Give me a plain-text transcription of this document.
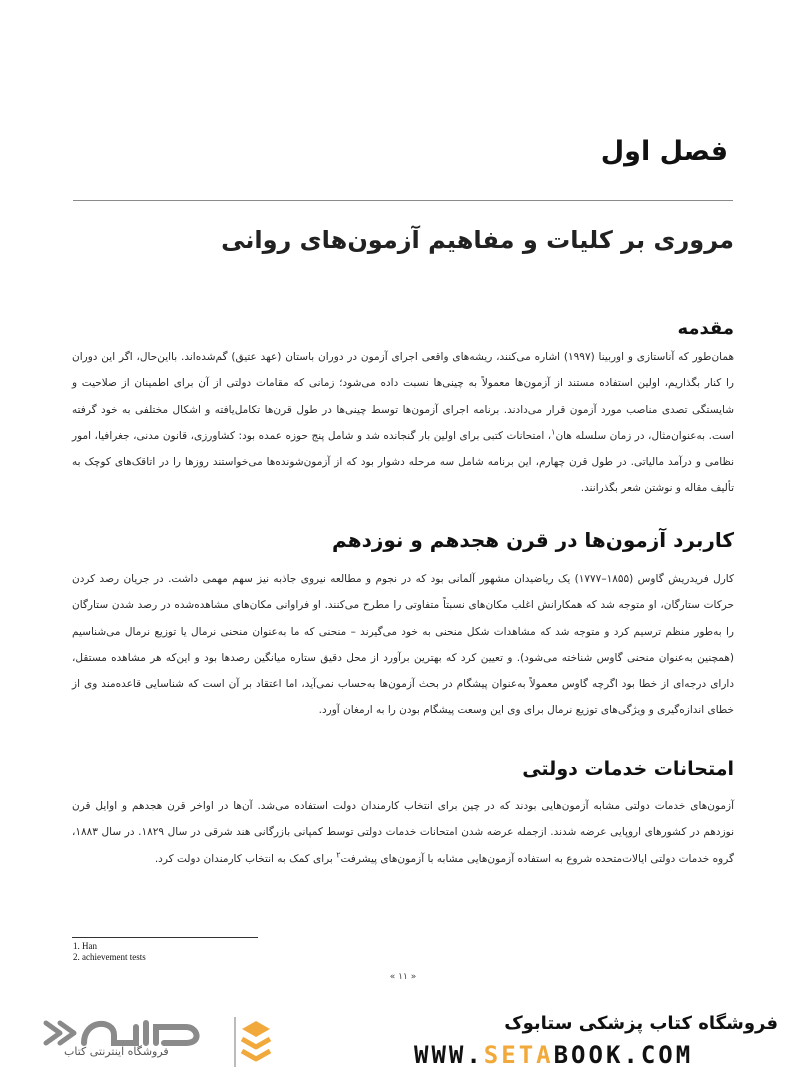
فصل اول
مروری بر کلیات و مفاهیم آزمون‌های روانی
مقدمه
همان‌طور که آناستازی و اوربینا (۱۹۹۷) اشاره می‌کنند، ریشه‌های واقعی اجرای آزمون در دوران باستان (عهد عتیق) گم‌شده‌اند. بااین‌حال، اگر این دوران را کنار بگذاریم، اولین استفاده مستند از آزمون‌ها معمولاً به چینی‌ها نسبت داده می‌شود؛ زمانی که مقامات دولتی از آن برای اطمینان از صلاحیت و شایستگی تصدی مناصب مورد آزمون قرار می‌دادند. برنامه اجرای آزمون‌ها توسط چینی‌ها در طول قرن‌ها تکامل‌یافته و اشکال مختلفی به خود گرفته است. به‌عنوان‌مثال، در زمان سلسله هان$^۱$، امتحانات کتبی برای اولین بار گنجانده شد و شامل پنج حوزه عمده بود: کشاورزی، قانون مدنی، جغرافیا، امور نظامی و درآمد مالیاتی. در طول قرن چهارم، این برنامه شامل سه مرحله دشوار بود که از آزمون‌شونده‌ها می‌خواستند روزها را در اتاقک‌های کوچک به تألیف مقاله و نوشتن شعر بگذرانند.
کاربرد آزمون‌ها در قرن هجدهم و نوزدهم
کارل فریدریش گاوس (۱۸۵۵–۱۷۷۷) یک ریاضیدان مشهور آلمانی بود که در نجوم و مطالعه نیروی جاذبه نیز سهم مهمی داشت. در جریان رصد کردن حرکات ستارگان، او متوجه شد که همکارانش اغلب مکان‌های نسبتاً متفاوتی را مطرح می‌کنند. او فراوانی مکان‌های مشاهده‌شده در رصد شدن ستارگان را به‌طور منظم ترسیم کرد و متوجه شد که مشاهدات شکل منحنی به خود می‌گیرند – منحنی که ما به‌عنوان منحنی نرمال یا توزیع نرمال می‌شناسیم (همچنین به‌عنوان منحنی گاوس شناخته می‌شود). و تعیین کرد که بهترین برآورد از محل دقیق ستاره میانگین رصدها بود و این‌که هر مشاهده مستقل، دارای درجه‌ای از خطا بود اگرچه گاوس معمولاً به‌عنوان پیشگام در بحث آزمون‌ها به‌حساب نمی‌آید، اما اعتقاد بر آن است که شناسایی قاعده‌مند وی از خطای اندازه‌گیری و ویژگی‌های توزیع نرمال برای وی این وسعت پیشگام بودن را به ارمغان آورد.
امتحانات خدمات دولتی
آزمون‌های خدمات دولتی مشابه آزمون‌هایی بودند که در چین برای انتخاب کارمندان دولت استفاده می‌شد. آن‌ها در اواخر قرن هجدهم و اوایل قرن نوزدهم در کشورهای اروپایی عرضه شدند. ازجمله عرضه شدن امتحانات خدمات دولتی توسط کمپانی بازرگانی هند شرقی در سال ۱۸۲۹. در سال ۱۸۸۳، گروه خدمات دولتی ایالات‌متحده شروع به استفاده آزمون‌هایی مشابه با آزمون‌های پیشرفت$^۲$ برای کمک به انتخاب کارمندان دولت کرد.
1. Han
2. achievement tests
« ۱۱ »
فروشگاه اینترنتی کتاب
فروشگاه کتاب پزشکی ستابوک
WWW.SETABOOK.COM
